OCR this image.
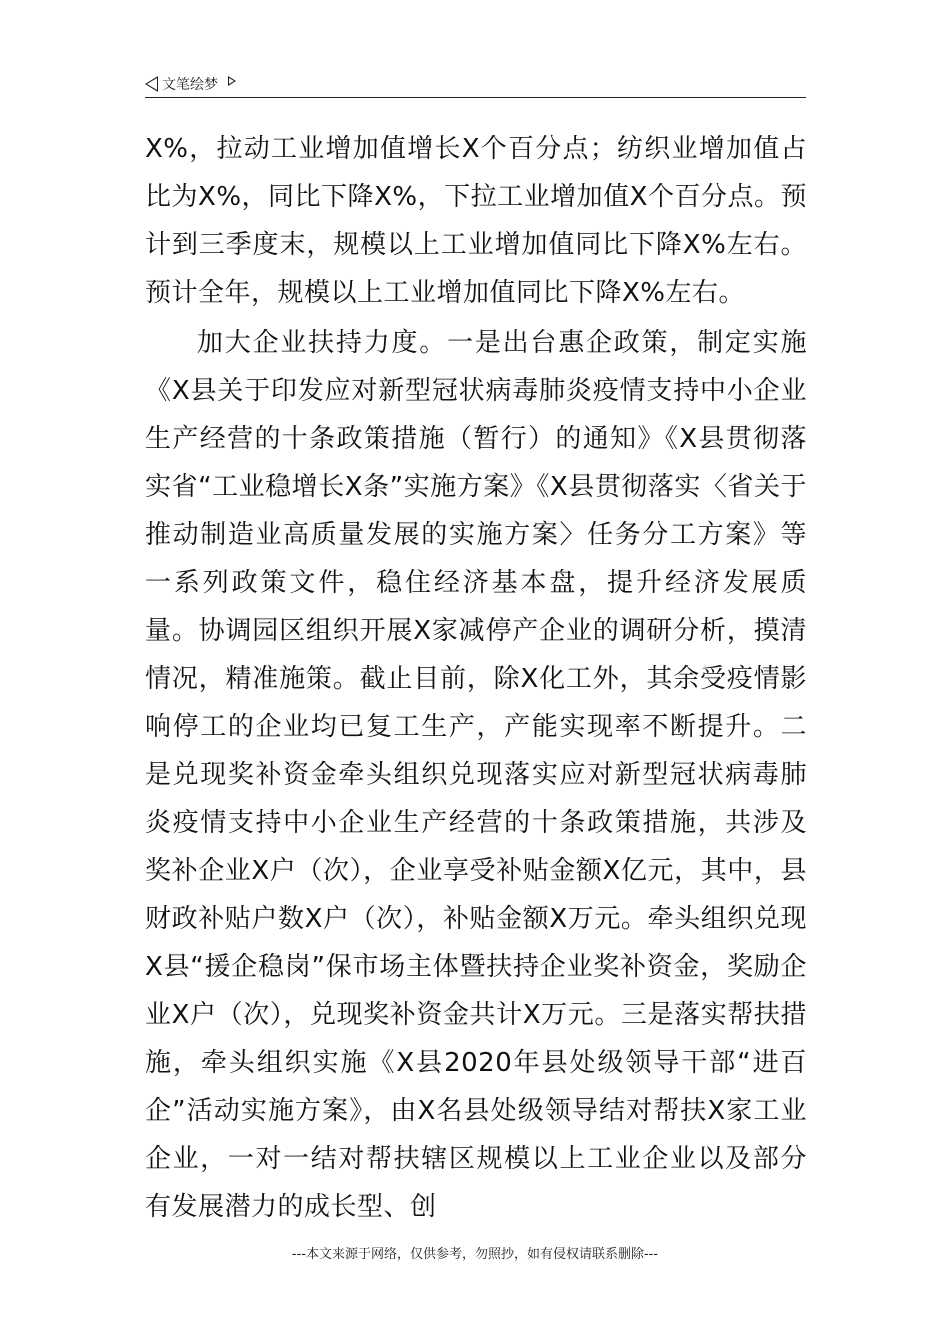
文笔绘梦

X%，拉动工业增加值增长X个百分点；纺织业增加值占比为X%，同比下降X%，下拉工业增加值X个百分点。预计到三季度末，规模以上工业增加值同比下降X%左右。预计全年，规模以上工业增加值同比下降X%左右。

加大企业扶持力度。一是出台惠企政策，制定实施《X县关于印发应对新型冠状病毒肺炎疫情支持中小企业生产经营的十条政策措施（暂行）的通知》《X县贯彻落实省“工业稳增长X条”实施方案》《X县贯彻落实〈省关于推动制造业高质量发展的实施方案〉任务分工方案》等一系列政策文件，稳住经济基本盘，提升经济发展质量。协调园区组织开展X家减停产企业的调研分析，摸清情况，精准施策。截止目前，除X化工外，其余受疫情影响停工的企业均已复工生产，产能实现率不断提升。二是兑现奖补资金牵头组织兑现落实应对新型冠状病毒肺炎疫情支持中小企业生产经营的十条政策措施，共涉及奖补企业X户（次），企业享受补贴金额X亿元，其中，县财政补贴户数X户（次），补贴金额X万元。牵头组织兑现X县“援企稳岗”保市场主体暨扶持企业奖补资金，奖励企业X户（次），兑现奖补资金共计X万元。三是落实帮扶措施，牵头组织实施《X县2020年县处级领导干部“进百企”活动实施方案》，由X名县处级领导结对帮扶X家工业企业，一对一结对帮扶辖区规模以上工业企业以及部分有发展潜力的成长型、创

---本文来源于网络，仅供参考，勿照抄，如有侵权请联系删除---
